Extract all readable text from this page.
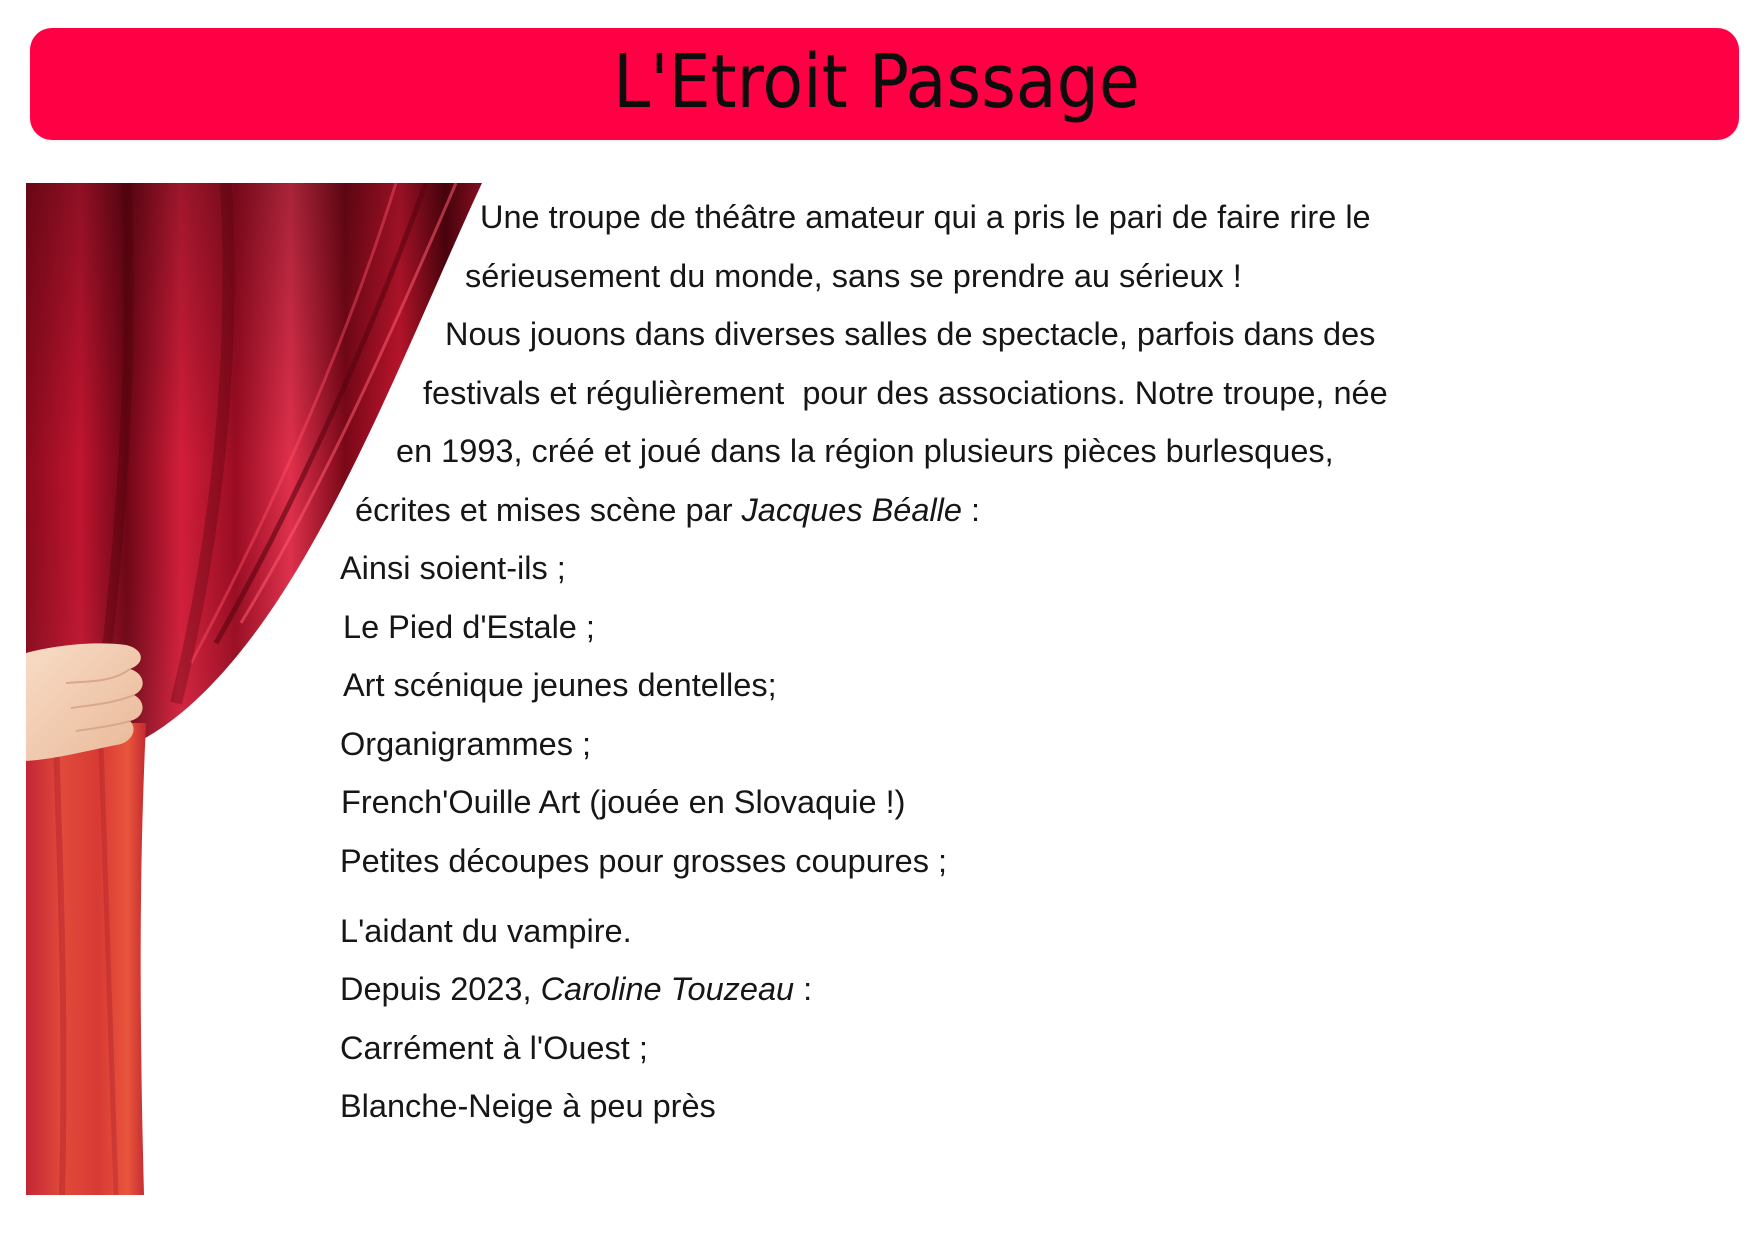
L'Etroit Passage
Une troupe de théâtre amateur qui a pris le pari de faire rire le
sérieusement du monde, sans se prendre au sérieux !
Nous jouons dans diverses salles de spectacle, parfois dans des
festivals et régulièrement  pour des associations. Notre troupe, née
en 1993, créé et joué dans la région plusieurs pièces burlesques,
écrites et mises scène par Jacques Béalle :
Ainsi soient-ils ;
Le Pied d'Estale ;
Art scénique jeunes dentelles;
Organigrammes ;
French'Ouille Art (jouée en Slovaquie !)
Petites découpes pour grosses coupures ;
L'aidant du vampire.
Depuis 2023, Caroline Touzeau :
Carrément à l'Ouest ;
Blanche-Neige à peu près
